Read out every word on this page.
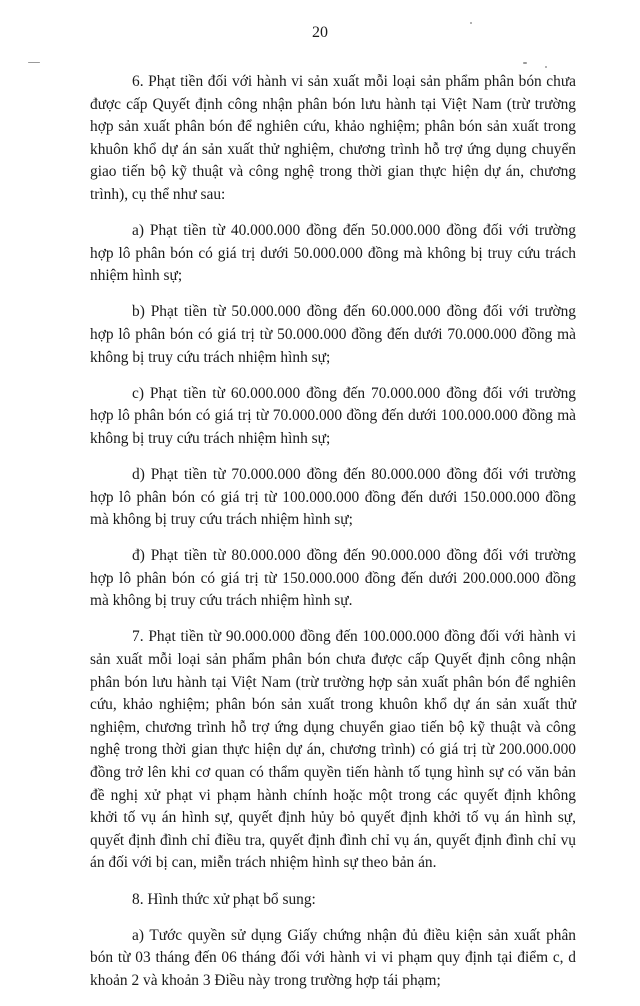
20

6. Phạt tiền đối với hành vi sản xuất mỗi loại sản phẩm phân bón chưa được cấp Quyết định công nhận phân bón lưu hành tại Việt Nam (trừ trường hợp sản xuất phân bón để nghiên cứu, khảo nghiệm; phân bón sản xuất trong khuôn khổ dự án sản xuất thử nghiệm, chương trình hỗ trợ ứng dụng chuyển giao tiến bộ kỹ thuật và công nghệ trong thời gian thực hiện dự án, chương trình), cụ thể như sau:

a) Phạt tiền từ 40.000.000 đồng đến 50.000.000 đồng đối với trường hợp lô phân bón có giá trị dưới 50.000.000 đồng mà không bị truy cứu trách nhiệm hình sự;

b) Phạt tiền từ 50.000.000 đồng đến 60.000.000 đồng đối với trường hợp lô phân bón có giá trị từ 50.000.000 đồng đến dưới 70.000.000 đồng mà không bị truy cứu trách nhiệm hình sự;

c) Phạt tiền từ 60.000.000 đồng đến 70.000.000 đồng đối với trường hợp lô phân bón có giá trị từ 70.000.000 đồng đến dưới 100.000.000 đồng mà không bị truy cứu trách nhiệm hình sự;

d) Phạt tiền từ 70.000.000 đồng đến 80.000.000 đồng đối với trường hợp lô phân bón có giá trị từ 100.000.000 đồng đến dưới 150.000.000 đồng mà không bị truy cứu trách nhiệm hình sự;

đ) Phạt tiền từ 80.000.000 đồng đến 90.000.000 đồng đối với trường hợp lô phân bón có giá trị từ 150.000.000 đồng đến dưới 200.000.000 đồng mà không bị truy cứu trách nhiệm hình sự.

7. Phạt tiền từ 90.000.000 đồng đến 100.000.000 đồng đối với hành vi sản xuất mỗi loại sản phẩm phân bón chưa được cấp Quyết định công nhận phân bón lưu hành tại Việt Nam (trừ trường hợp sản xuất phân bón để nghiên cứu, khảo nghiệm; phân bón sản xuất trong khuôn khổ dự án sản xuất thử nghiệm, chương trình hỗ trợ ứng dụng chuyển giao tiến bộ kỹ thuật và công nghệ trong thời gian thực hiện dự án, chương trình) có giá trị từ 200.000.000 đồng trở lên khi cơ quan có thẩm quyền tiến hành tố tụng hình sự có văn bản đề nghị xử phạt vi phạm hành chính hoặc một trong các quyết định không khởi tố vụ án hình sự, quyết định hủy bỏ quyết định khởi tố vụ án hình sự, quyết định đình chỉ điều tra, quyết định đình chỉ vụ án, quyết định đình chỉ vụ án đối với bị can, miễn trách nhiệm hình sự theo bản án.

8. Hình thức xử phạt bổ sung:

a) Tước quyền sử dụng Giấy chứng nhận đủ điều kiện sản xuất phân bón từ 03 tháng đến 06 tháng đối với hành vi vi phạm quy định tại điểm c, d khoản 2 và khoản 3 Điều này trong trường hợp tái phạm;
